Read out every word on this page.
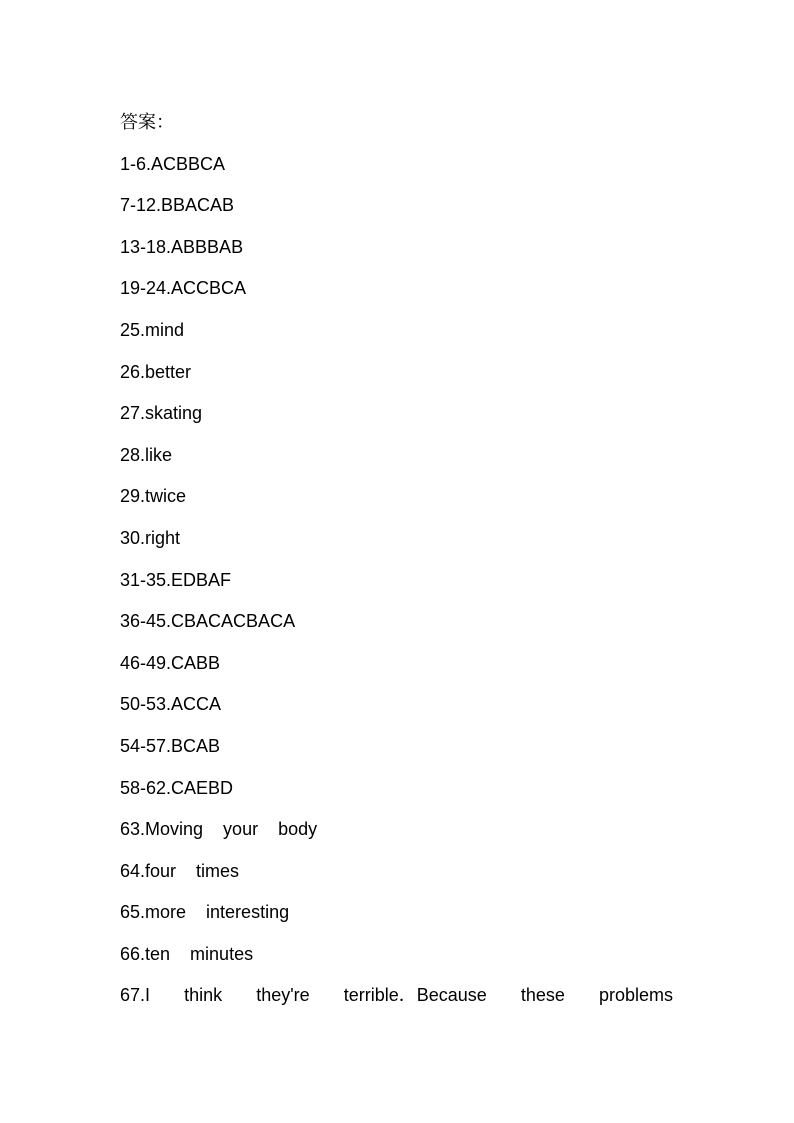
答案：
1-6.ACBBCA
7-12.BBACAB
13-18.ABBBAB
19-24.ACCBCA
25.mind
26.better
27.skating
28.like
29.twice
30.right
31-35.EDBAF
36-45.CBACACBACA
46-49.CABB
50-53.ACCA
54-57.BCAB
58-62.CAEBD
63.Moving    your    body
64.four    times
65.more    interesting
66.ten    minutes
67.I think they're terrible．Because these problems
